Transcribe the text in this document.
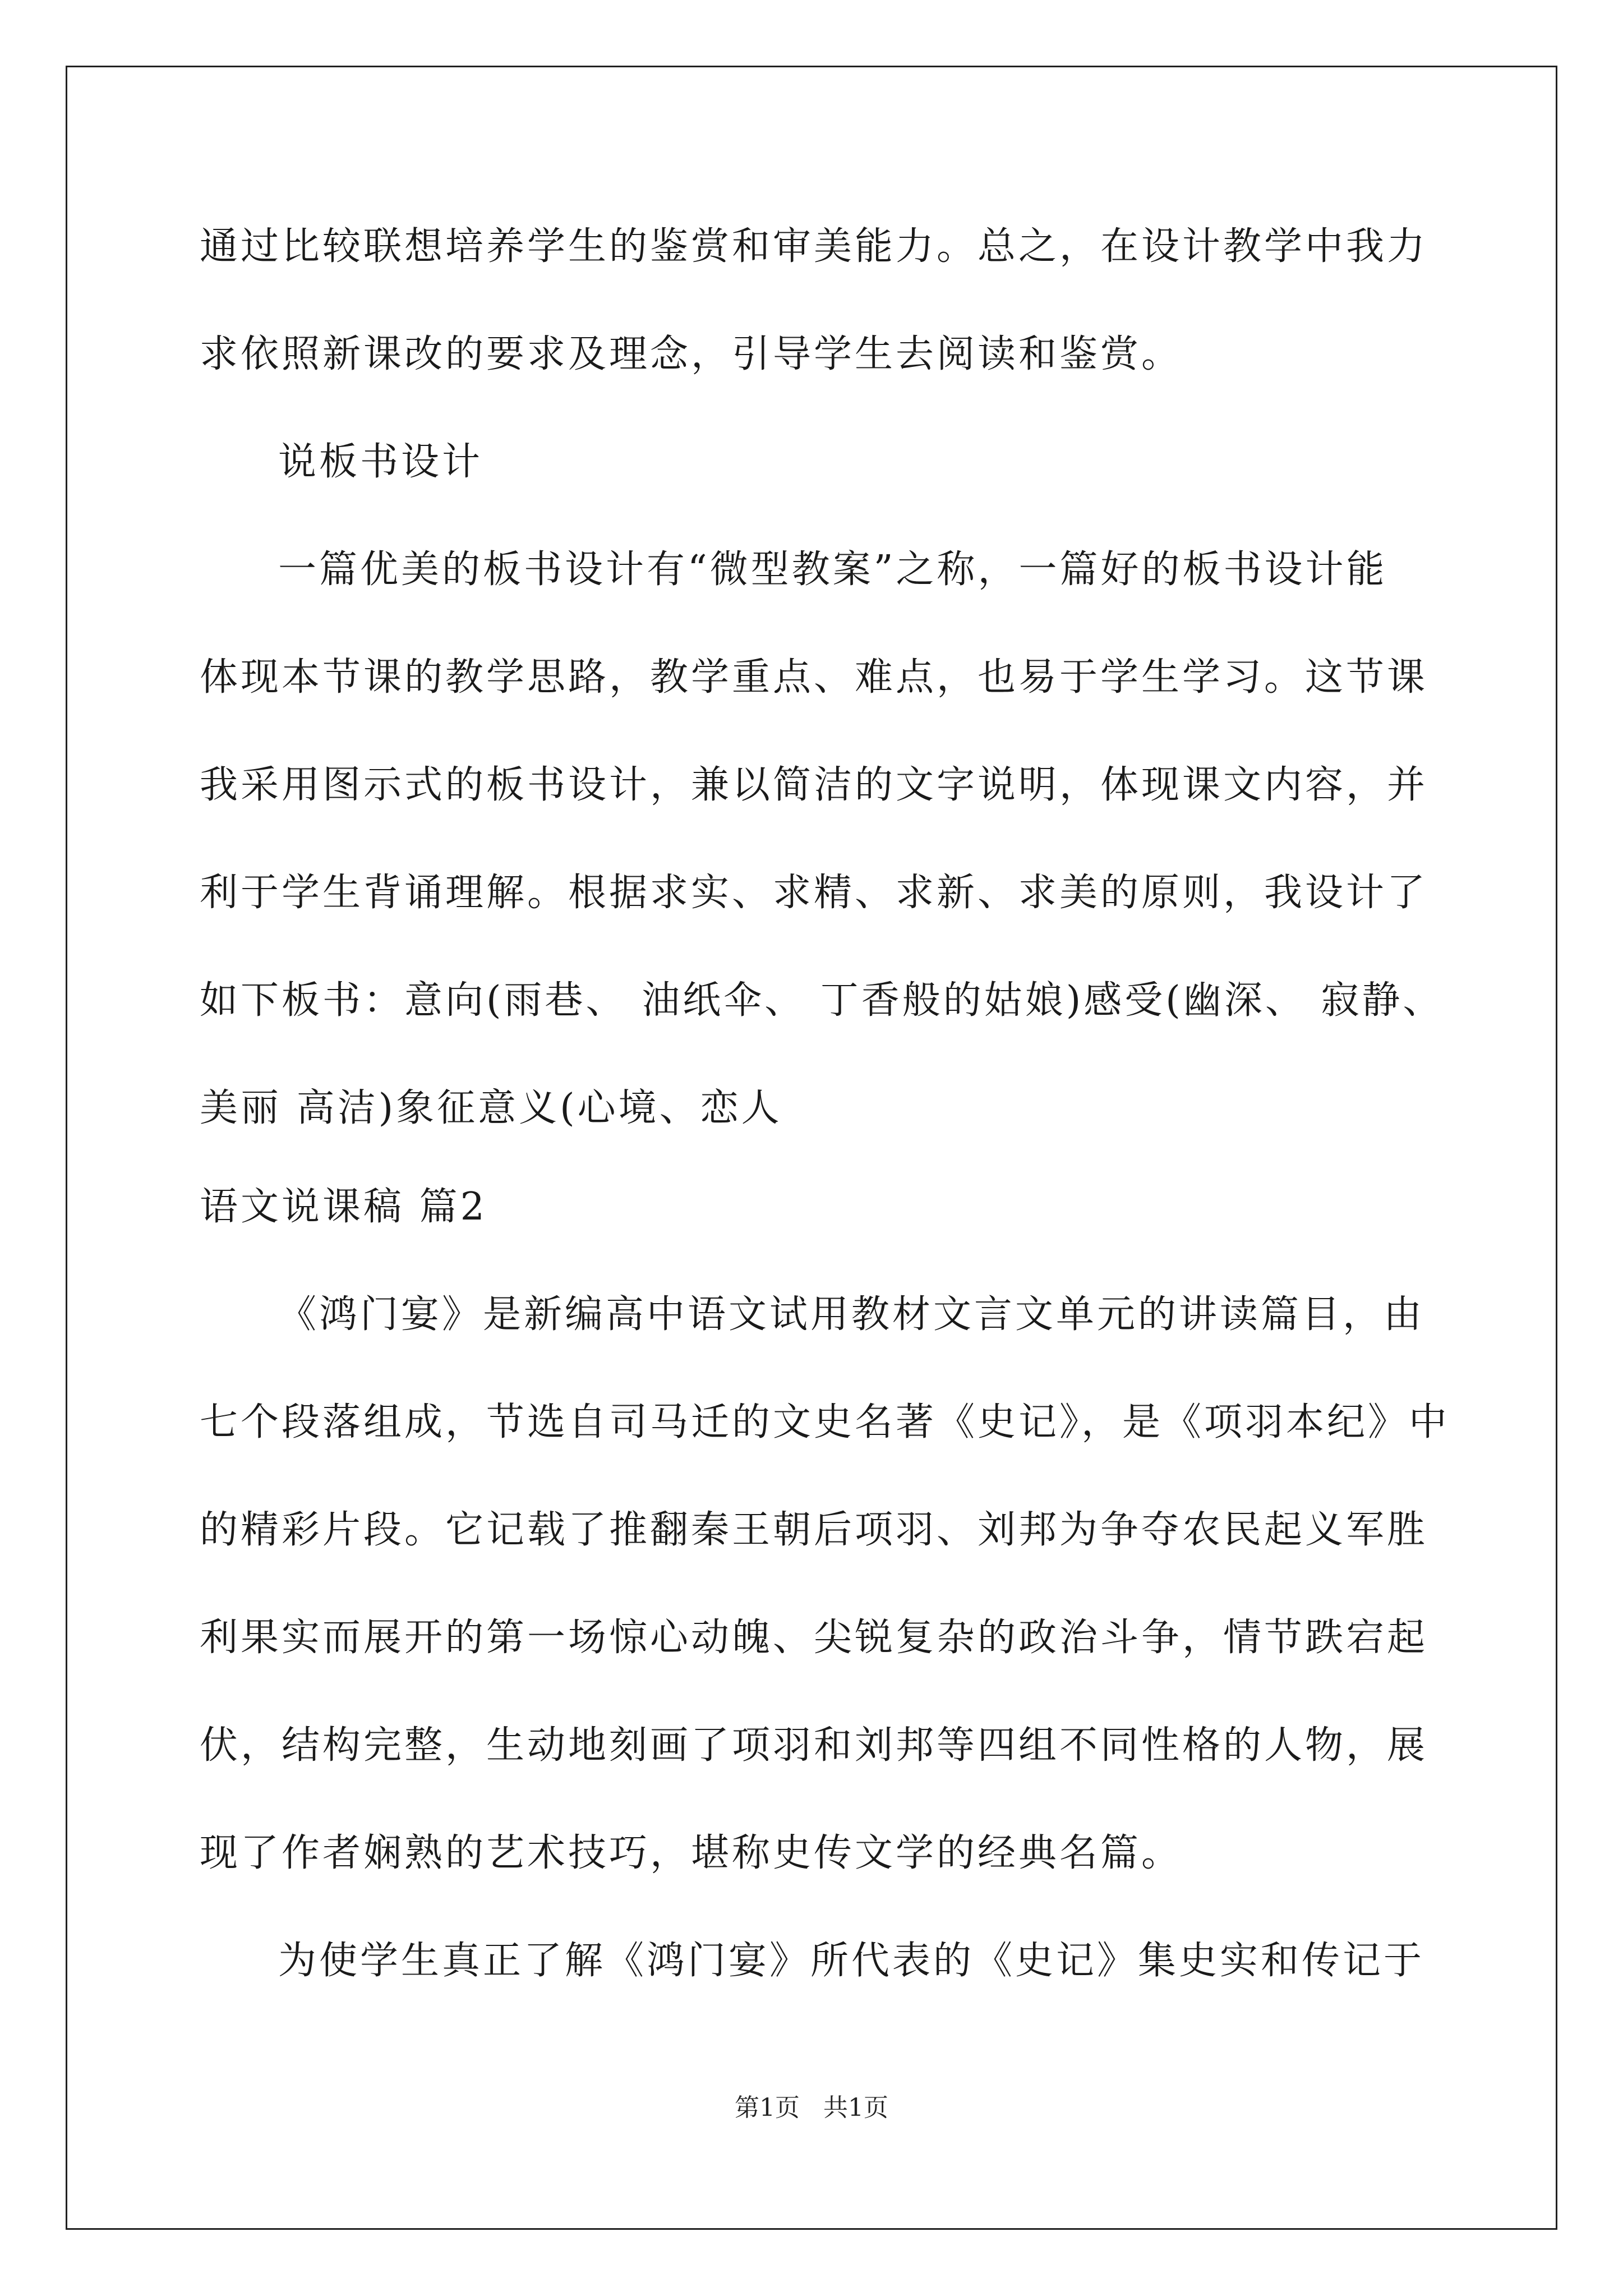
通过比较联想培养学生的鉴赏和审美能力。总之，在设计教学中我力
求依照新课改的要求及理念，引导学生去阅读和鉴赏。
说板书设计
一篇优美的板书设计有“微型教案”之称，一篇好的板书设计能
体现本节课的教学思路，教学重点、难点，也易于学生学习。这节课
我采用图示式的板书设计，兼以简洁的文字说明，体现课文内容，并
利于学生背诵理解。根据求实、求精、求新、求美的原则，我设计了
如下板书：意向(雨巷、 油纸伞、 丁香般的姑娘)感受(幽深、 寂静、
美丽 高洁)象征意义(心境、恋人
语文说课稿 篇2
《鸿门宴》是新编高中语文试用教材文言文单元的讲读篇目，由
七个段落组成，节选自司马迁的文史名著《史记》，是《项羽本纪》中
的精彩片段。它记载了推翻秦王朝后项羽、刘邦为争夺农民起义军胜
利果实而展开的第一场惊心动魄、尖锐复杂的政治斗争，情节跌宕起
伏，结构完整，生动地刻画了项羽和刘邦等四组不同性格的人物，展
现了作者娴熟的艺术技巧，堪称史传文学的经典名篇。
为使学生真正了解《鸿门宴》所代表的《史记》集史实和传记于
第1页   共1页
